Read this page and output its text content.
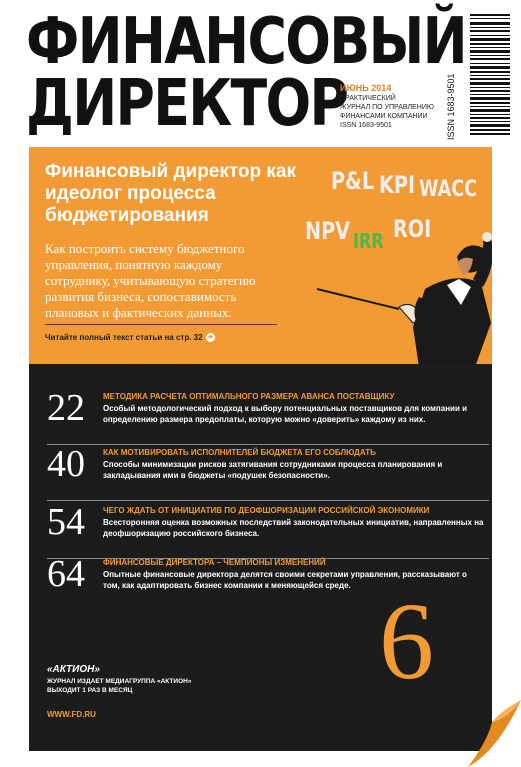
ФИНАНСОВЫЙ
ДИРЕКТОР
ИЮНЬ 2014
ПРАКТИЧЕСКИЙ
ЖУРНАЛ ПО УПРАВЛЕНИЮ
ФИНАНСАМИ КОМПАНИИ
ISSN 1683-9501	ISSN 1683-9501
Финансовый директор как идеолог процесса бюджетирования
Как построить систему бюджетного управления, понятную каждому сотруднику, учитывающую стратегию развития бизнеса, сопоставимость плановых и фактических данных.
Читайте полный текст статьи на стр. 32 ➜
P&L KPI WACC
NPV IRR ROI
22 МЕТОДИКА РАСЧЕТА ОПТИМАЛЬНОГО РАЗМЕРА АВАНСА ПОСТАВЩИКУ
Особый методологический подход к выбору потенциальных поставщиков для компании и определению размера предоплаты, которую можно «доверить» каждому из них.
40 КАК МОТИВИРОВАТЬ ИСПОЛНИТЕЛЕЙ БЮДЖЕТА ЕГО СОБЛЮДАТЬ
Способы минимизации рисков затягивания сотрудниками процесса планирования и закладывания ими в бюджеты «подушек безопасности».
54 ЧЕГО ЖДАТЬ ОТ ИНИЦИАТИВ ПО ДЕОФШОРИЗАЦИИ РОССИЙСКОЙ ЭКОНОМИКИ
Всесторонняя оценка возможных последствий законодательных инициатив, направленных на деофшоризацию российского бизнеса.
64 ФИНАНСОВЫЕ ДИРЕКТОРА – ЧЕМПИОНЫ ИЗМЕНЕНИЙ
Опытные финансовые директора делятся своими секретами управления, рассказывают о том, как адаптировать бизнес компании к меняющейся среде. 6
«АКТИОН»
ЖУРНАЛ ИЗДАЕТ МЕДИАГРУППА «АКТИОН»
ВЫХОДИТ 1 РАЗ В МЕСЯЦ
WWW.FD.RU
